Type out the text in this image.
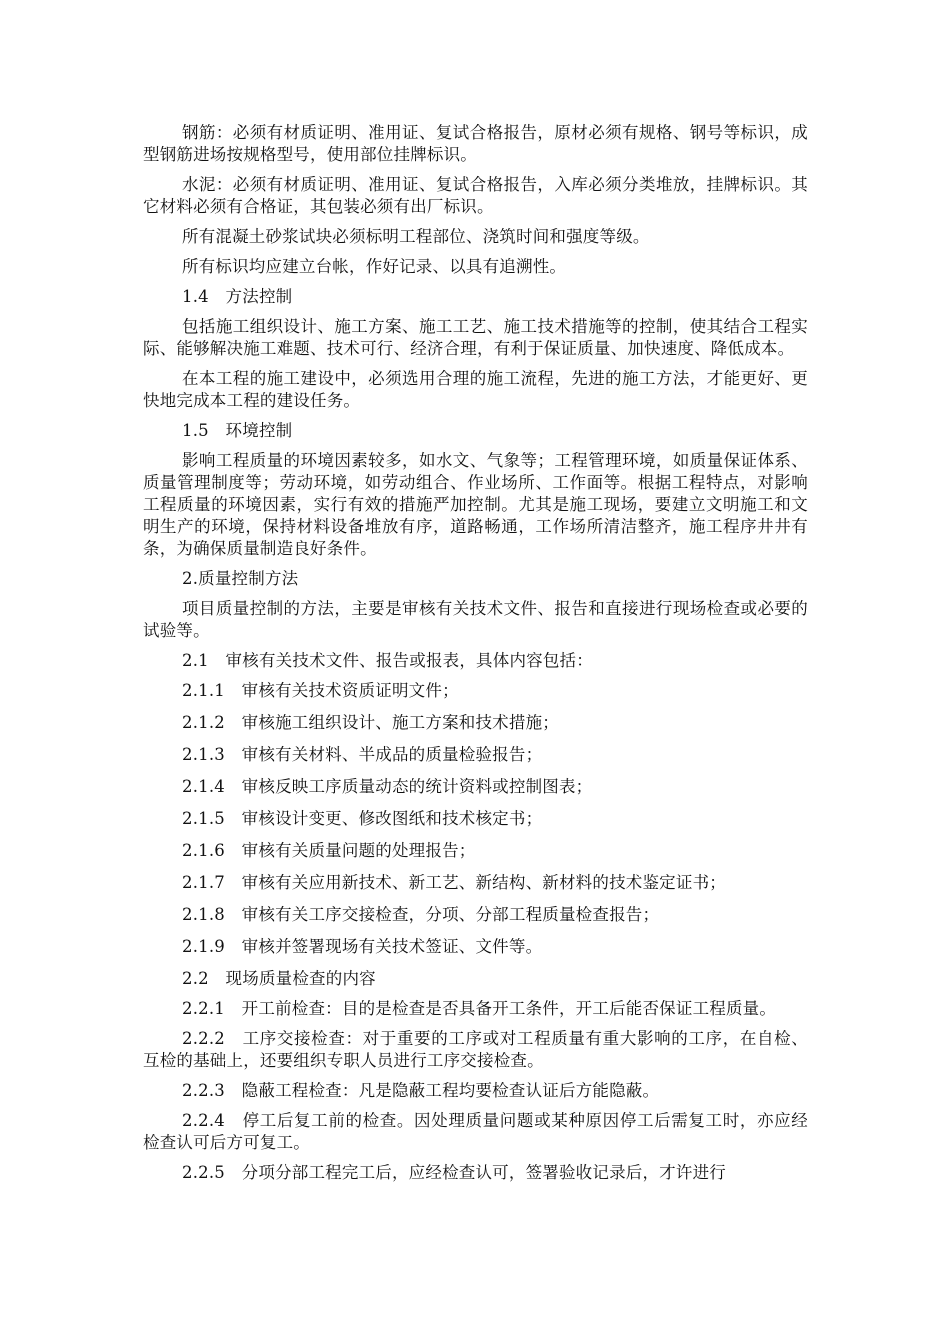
钢筋：必须有材质证明、准用证、复试合格报告，原材必须有规格、钢号等标识，成型钢筋进场按规格型号，使用部位挂牌标识。

水泥：必须有材质证明、准用证、复试合格报告，入库必须分类堆放，挂牌标识。其它材料必须有合格证，其包装必须有出厂标识。

所有混凝土砂浆试块必须标明工程部位、浇筑时间和强度等级。

所有标识均应建立台帐，作好记录、以具有追溯性。

1.4　方法控制

包括施工组织设计、施工方案、施工工艺、施工技术措施等的控制，使其结合工程实际、能够解决施工难题、技术可行、经济合理，有利于保证质量、加快速度、降低成本。

在本工程的施工建设中，必须选用合理的施工流程，先进的施工方法，才能更好、更快地完成本工程的建设任务。

1.5　环境控制

影响工程质量的环境因素较多，如水文、气象等；工程管理环境，如质量保证体系、质量管理制度等；劳动环境，如劳动组合、作业场所、工作面等。根据工程特点，对影响工程质量的环境因素，实行有效的措施严加控制。尤其是施工现场，要建立文明施工和文明生产的环境，保持材料设备堆放有序，道路畅通，工作场所清洁整齐，施工程序井井有条，为确保质量制造良好条件。

2.质量控制方法

项目质量控制的方法，主要是审核有关技术文件、报告和直接进行现场检查或必要的试验等。

2.1　审核有关技术文件、报告或报表，具体内容包括：

2.1.1　审核有关技术资质证明文件；

2.1.2　审核施工组织设计、施工方案和技术措施；

2.1.3　审核有关材料、半成品的质量检验报告；

2.1.4　审核反映工序质量动态的统计资料或控制图表；

2.1.5　审核设计变更、修改图纸和技术核定书；

2.1.6　审核有关质量问题的处理报告；

2.1.7　审核有关应用新技术、新工艺、新结构、新材料的技术鉴定证书；

2.1.8　审核有关工序交接检查，分项、分部工程质量检查报告；

2.1.9　审核并签署现场有关技术签证、文件等。

2.2　现场质量检查的内容

2.2.1　开工前检查：目的是检查是否具备开工条件，开工后能否保证工程质量。

2.2.2　工序交接检查：对于重要的工序或对工程质量有重大影响的工序，在自检、互检的基础上，还要组织专职人员进行工序交接检查。

2.2.3　隐蔽工程检查：凡是隐蔽工程均要检查认证后方能隐蔽。

2.2.4　停工后复工前的检查。因处理质量问题或某种原因停工后需复工时，亦应经检查认可后方可复工。

2.2.5　分项分部工程完工后，应经检查认可，签署验收记录后，才许进行
